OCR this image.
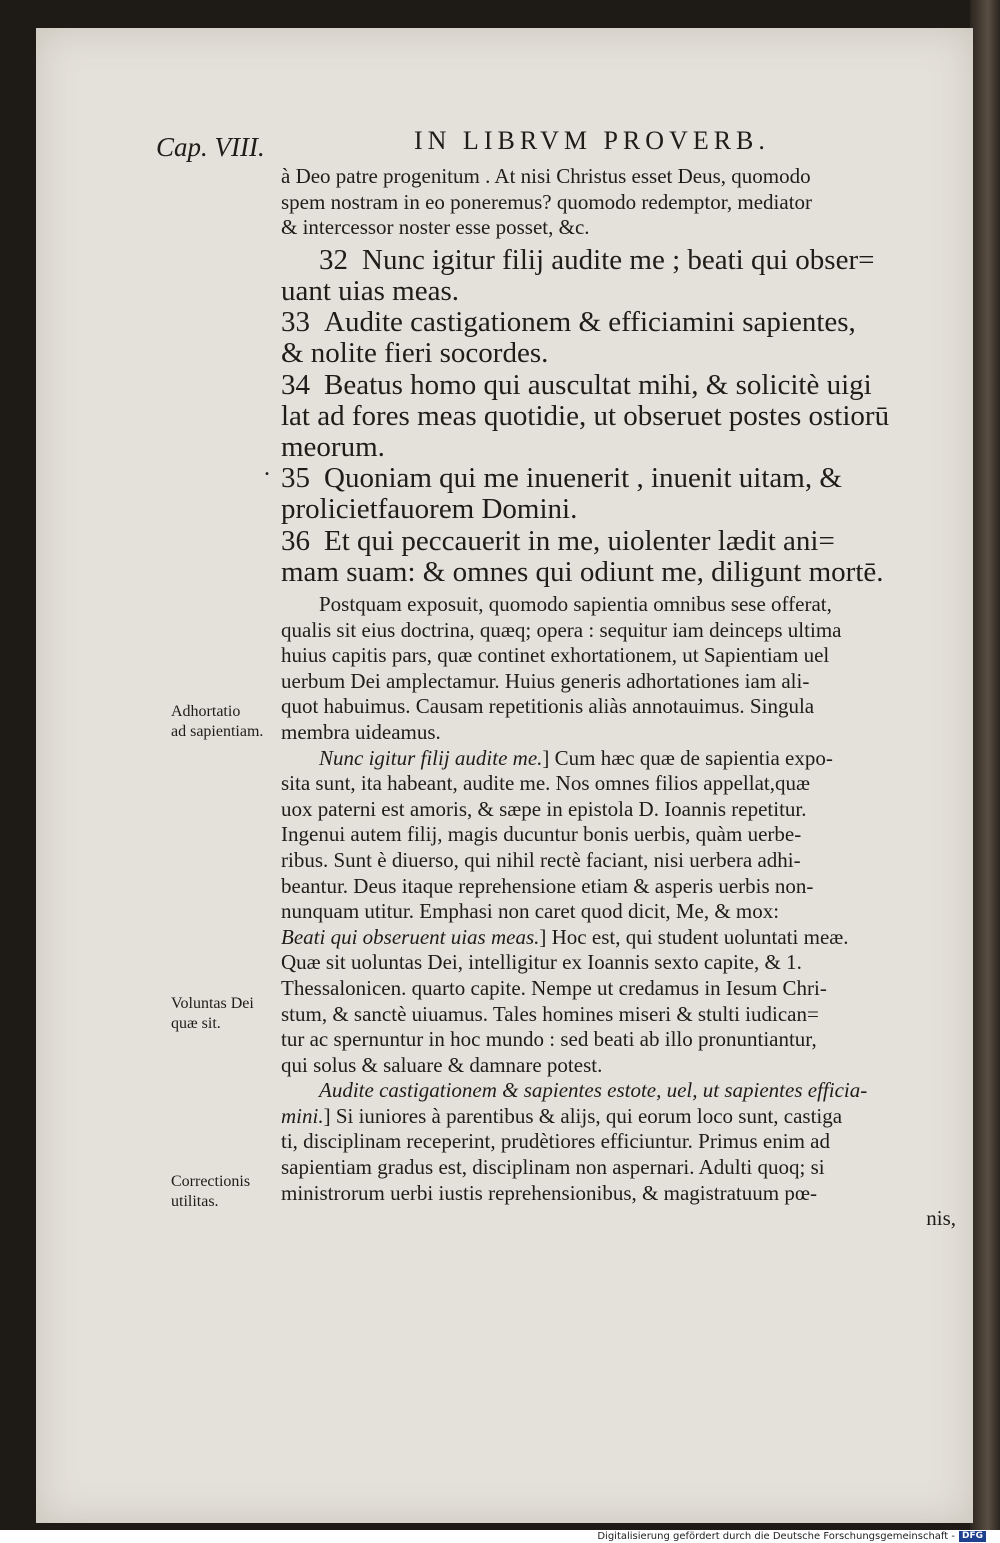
Cap. VIII.	IN LIBRVM PROVERB.
.
Adhortatio
ad sapientiam.
Voluntas Dei
quæ sit.
Correctionis
utilitas.
à Deo patre progenitum . At nisi Christus esset Deus, quomodo
spem nostram in eo poneremus? quomodo redemptor, mediator
& intercessor noster esse posset, &c.
32 Nunc igitur filij audite me ; beati qui obser=
uant uias meas.
33 Audite castigationem & efficiamini sapientes,
& nolite fieri socordes.
34 Beatus homo qui auscultat mihi, & solicitè uigi
lat ad fores meas quotidie, ut obseruet postes ostiorū
meorum.
35 Quoniam qui me inuenerit , inuenit uitam, &
prolicietfauorem Domini.
36 Et qui peccauerit in me, uiolenter lædit ani=
mam suam: & omnes qui odiunt me, diligunt mortē.
Postquam exposuit, quomodo sapientia omnibus sese offerat,
qualis sit eius doctrina, quæq; opera : sequitur iam deinceps ultima
huius capitis pars, quæ continet exhortationem, ut Sapientiam uel
uerbum Dei amplectamur. Huius generis adhortationes iam ali-
quot habuimus. Causam repetitionis aliàs annotauimus. Singula
membra uideamus.
Nunc igitur filij audite me.] Cum hæc quæ de sapientia expo-
sita sunt, ita habeant, audite me. Nos omnes filios appellat,quæ
uox paterni est amoris, & sæpe in epistola D. Ioannis repetitur.
Ingenui autem filij, magis ducuntur bonis uerbis, quàm uerbe-
ribus. Sunt è diuerso, qui nihil rectè faciant, nisi uerbera adhi-
beantur. Deus itaque reprehensione etiam & asperis uerbis non-
nunquam utitur. Emphasi non caret quod dicit, Me, & mox:
Beati qui obseruent uias meas.] Hoc est, qui student uoluntati meæ.
Quæ sit uoluntas Dei, intelligitur ex Ioannis sexto capite, & 1.
Thessalonicen. quarto capite. Nempe ut credamus in Iesum Chri-
stum, & sanctè uiuamus. Tales homines miseri & stulti iudican=
tur ac spernuntur in hoc mundo : sed beati ab illo pronuntiantur,
qui solus & saluare & damnare potest.
Audite castigationem & sapientes estote, uel, ut sapientes efficia-
mini.] Si iuniores à parentibus & alijs, qui eorum loco sunt, castiga
ti, disciplinam receperint, prudètiores efficiuntur. Primus enim ad
sapientiam gradus est, disciplinam non aspernari. Adulti quoq; si
ministrorum uerbi iustis reprehensionibus, & magistratuum pœ-
nis,
Digitalisierung gefördert durch die Deutsche Forschungsgemeinschaft - DFG
